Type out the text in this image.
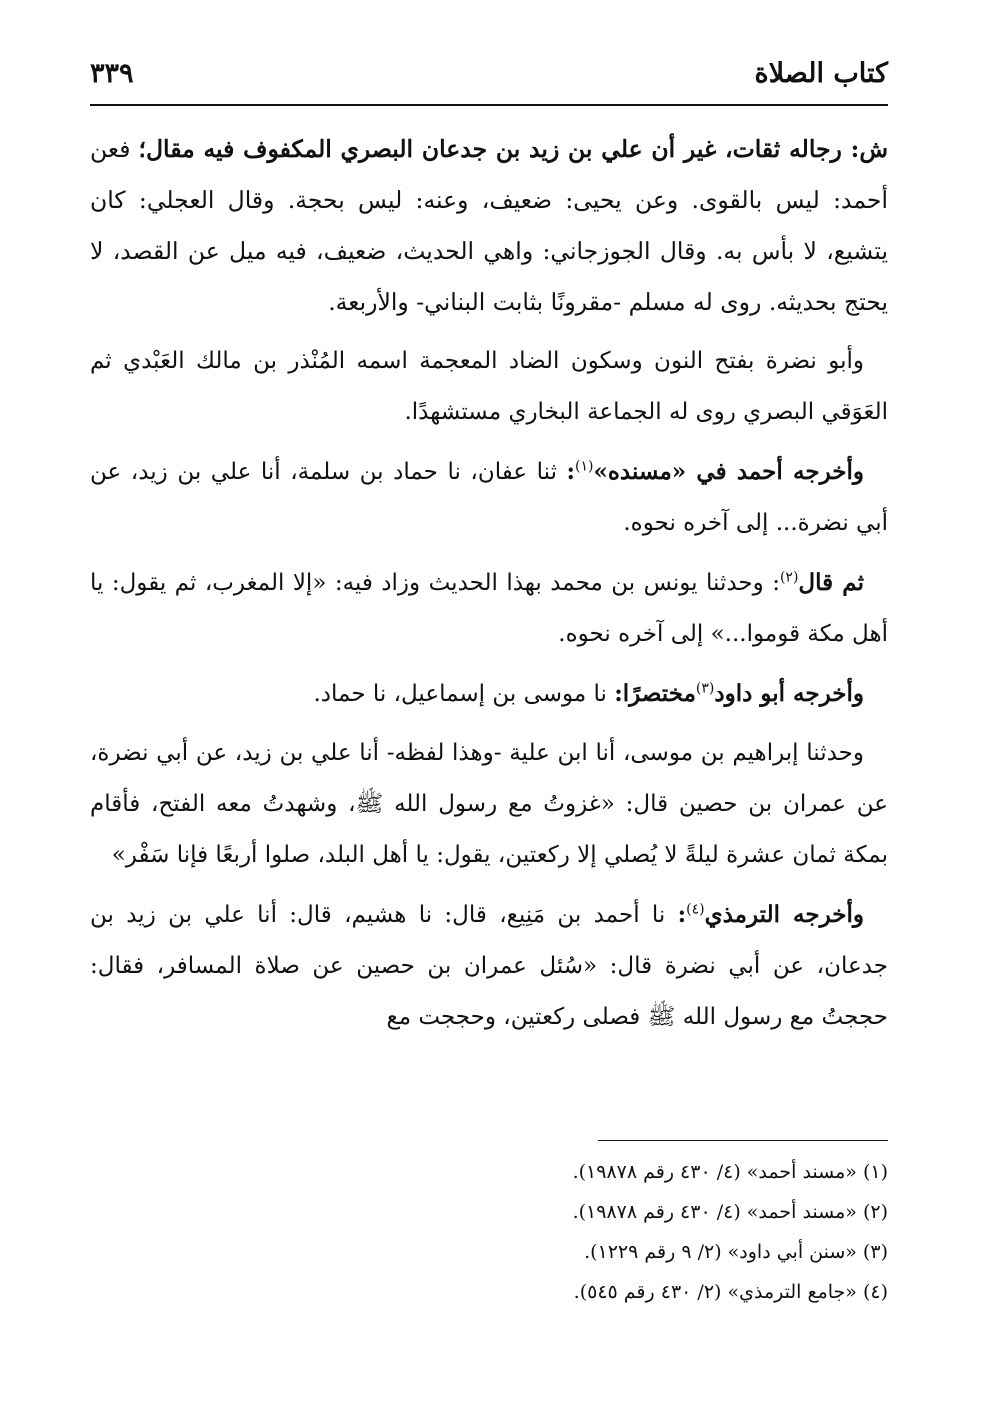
كتاب الصلاة
٣٣٩

ش: رجاله ثقات، غير أن علي بن زيد بن جدعان البصري المكفوف فيه مقال؛ فعن أحمد: ليس بالقوى. وعن يحيى: ضعيف، وعنه: ليس بحجة. وقال العجلي: كان يتشيع، لا بأس به. وقال الجوزجاني: واهي الحديث، ضعيف، فيه ميل عن القصد، لا يحتج بحديثه. روى له مسلم -مقرونًا بثابت البناني- والأربعة.

وأبو نضرة بفتح النون وسكون الضاد المعجمة اسمه المُنْذر بن مالك العَبْدي ثم العَوَقي البصري روى له الجماعة البخاري مستشهدًا.

وأخرجه أحمد في «مسنده»$^{(١)}$: ثنا عفان، نا حماد بن سلمة، أنا علي بن زيد، عن أبي نضرة... إلى آخره نحوه.

ثم قال$^{(٢)}$: وحدثنا يونس بن محمد بهذا الحديث وزاد فيه: «إلا المغرب، ثم يقول: يا أهل مكة قوموا...» إلى آخره نحوه.

وأخرجه أبو داود$^{(٣)}$مختصرًا: نا موسى بن إسماعيل، نا حماد.

وحدثنا إبراهيم بن موسى، أنا ابن علية -وهذا لفظه- أنا علي بن زيد، عن أبي نضرة، عن عمران بن حصين قال: «غزوتُ مع رسول الله ﷺ، وشهدتُ معه الفتح، فأقام بمكة ثمان عشرة ليلةً لا يُصلي إلا ركعتين، يقول: يا أهل البلد، صلوا أربعًا فإنا سَفْر»

وأخرجه الترمذي$^{(٤)}$: نا أحمد بن مَنِيع، قال: نا هشيم، قال: أنا علي بن زيد بن جدعان، عن أبي نضرة قال: «سُئل عمران بن حصين عن صلاة المسافر، فقال: حججتُ مع رسول الله ﷺ فصلى ركعتين، وحججت مع

(١) «مسند أحمد» (٤/ ٤٣٠ رقم ١٩٨٧٨).

(٢) «مسند أحمد» (٤/ ٤٣٠ رقم ١٩٨٧٨).

(٣) «سنن أبي داود» (٢/ ٩ رقم ١٢٢٩).

(٤) «جامع الترمذي» (٢/ ٤٣٠ رقم ٥٤٥).
